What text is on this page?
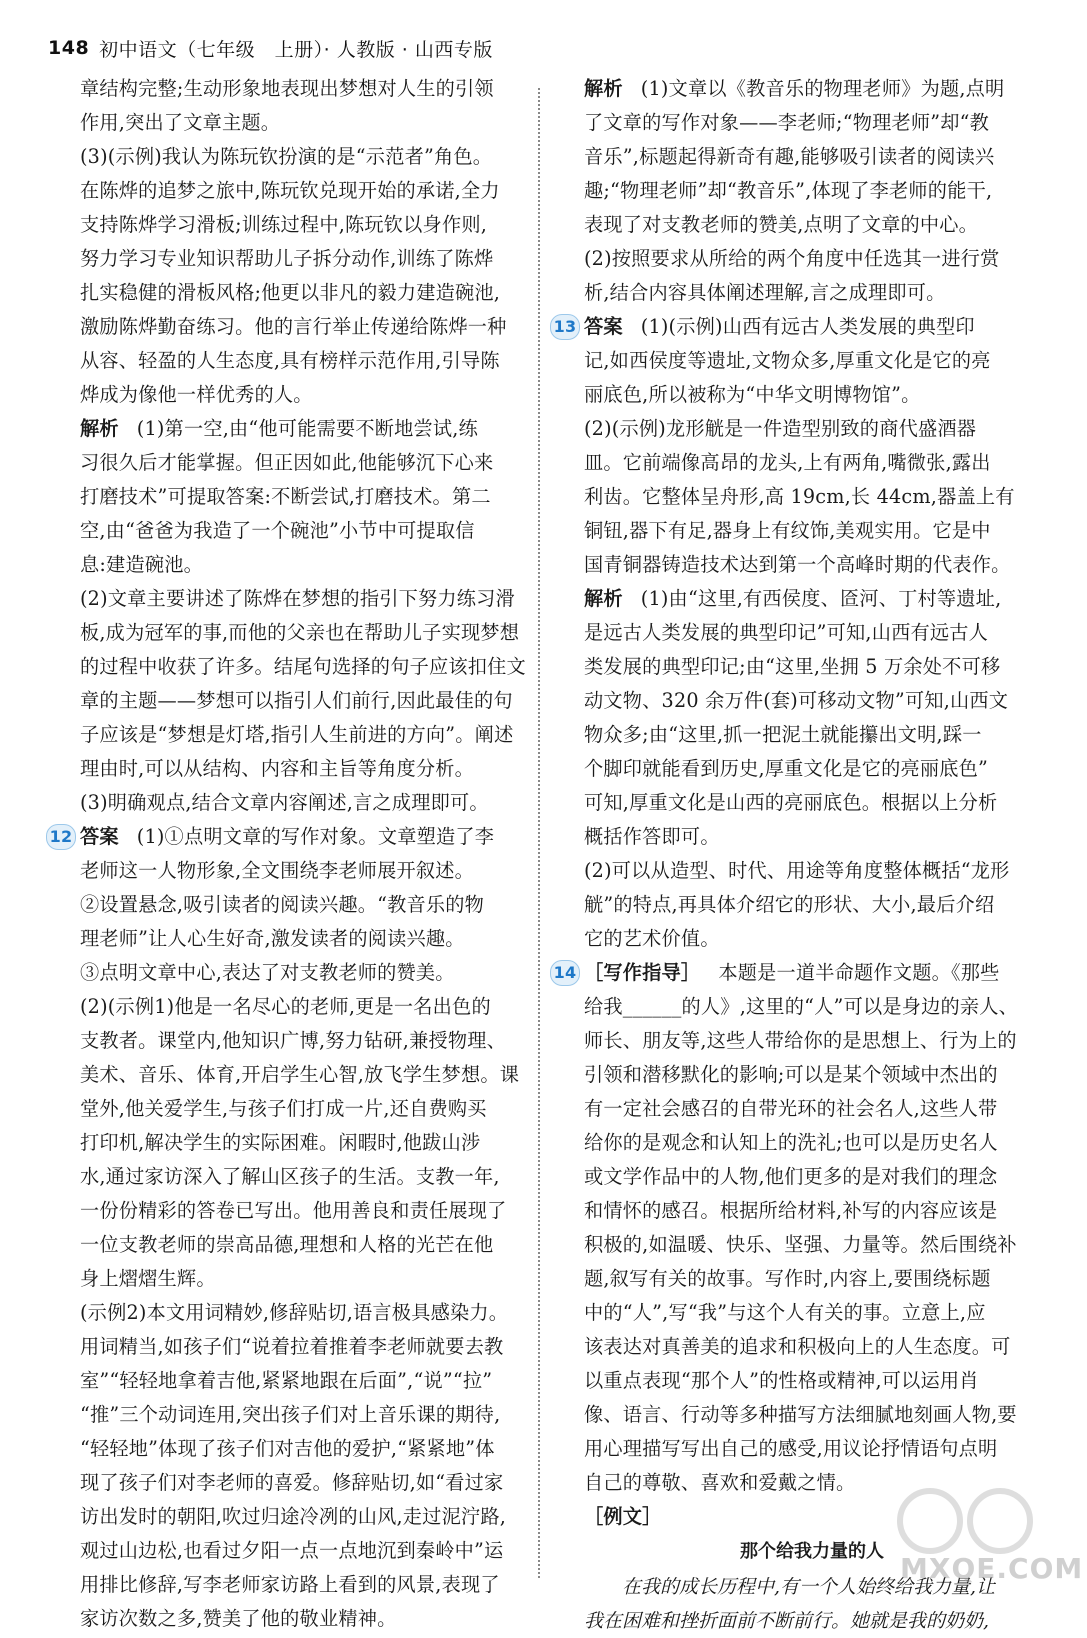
148 初中语文（七年级　上册）· 人教版 · 山西专版
章结构完整;生动形象地表现出梦想对人生的引领
作用,突出了文章主题。
(3)(示例)我认为陈玩钦扮演的是“示范者”角色。
在陈烨的追梦之旅中,陈玩钦兑现开始的承诺,全力
支持陈烨学习滑板;训练过程中,陈玩钦以身作则,
努力学习专业知识帮助儿子拆分动作,训练了陈烨
扎实稳健的滑板风格;他更以非凡的毅力建造碗池,
激励陈烨勤奋练习。他的言行举止传递给陈烨一种
从容、轻盈的人生态度,具有榜样示范作用,引导陈
烨成为像他一样优秀的人。
解析 (1)第一空,由“他可能需要不断地尝试,练
习很久后才能掌握。但正因如此,他能够沉下心来
打磨技术”可提取答案:不断尝试,打磨技术。第二
空,由“爸爸为我造了一个碗池”小节中可提取信
息:建造碗池。
(2)文章主要讲述了陈烨在梦想的指引下努力练习滑
板,成为冠军的事,而他的父亲也在帮助儿子实现梦想
的过程中收获了许多。结尾句选择的句子应该扣住文
章的主题——梦想可以指引人们前行,因此最佳的句
子应该是“梦想是灯塔,指引人生前进的方向”。阐述
理由时,可以从结构、内容和主旨等角度分析。
(3)明确观点,结合文章内容阐述,言之成理即可。
12 答案 (1)①点明文章的写作对象。文章塑造了李
老师这一人物形象,全文围绕李老师展开叙述。
②设置悬念,吸引读者的阅读兴趣。“教音乐的物
理老师”让人心生好奇,激发读者的阅读兴趣。
③点明文章中心,表达了对支教老师的赞美。
(2)(示例1)他是一名尽心的老师,更是一名出色的
支教者。课堂内,他知识广博,努力钻研,兼授物理、
美术、音乐、体育,开启学生心智,放飞学生梦想。课
堂外,他关爱学生,与孩子们打成一片,还自费购买
打印机,解决学生的实际困难。闲暇时,他跋山涉
水,通过家访深入了解山区孩子的生活。支教一年,
一份份精彩的答卷已写出。他用善良和责任展现了
一位支教老师的崇高品德,理想和人格的光芒在他
身上熠熠生辉。
(示例2)本文用词精妙,修辞贴切,语言极具感染力。
用词精当,如孩子们“说着拉着推着李老师就要去教
室”“轻轻地拿着吉他,紧紧地跟在后面”,“说”“拉”
“推”三个动词连用,突出孩子们对上音乐课的期待,
“轻轻地”体现了孩子们对吉他的爱护,“紧紧地”体
现了孩子们对李老师的喜爱。修辞贴切,如“看过家
访出发时的朝阳,吹过归途冷冽的山风,走过泥泞路,
观过山边松,也看过夕阳一点一点地沉到秦岭中”运
用排比修辞,写李老师家访路上看到的风景,表现了
家访次数之多,赞美了他的敬业精神。
解析 (1)文章以《教音乐的物理老师》为题,点明
了文章的写作对象——李老师;“物理老师”却“教
音乐”,标题起得新奇有趣,能够吸引读者的阅读兴
趣;“物理老师”却“教音乐”,体现了李老师的能干,
表现了对支教老师的赞美,点明了文章的中心。
(2)按照要求从所给的两个角度中任选其一进行赏
析,结合内容具体阐述理解,言之成理即可。
13 答案 (1)(示例)山西有远古人类发展的典型印
记,如西侯度等遗址,文物众多,厚重文化是它的亮
丽底色,所以被称为“中华文明博物馆”。
(2)(示例)龙形觥是一件造型别致的商代盛酒器
皿。它前端像高昂的龙头,上有两角,嘴微张,露出
利齿。它整体呈舟形,高 19cm,长 44cm,器盖上有
铜钮,器下有足,器身上有纹饰,美观实用。它是中
国青铜器铸造技术达到第一个高峰时期的代表作。
解析 (1)由“这里,有西侯度、匼河、丁村等遗址,
是远古人类发展的典型印记”可知,山西有远古人
类发展的典型印记;由“这里,坐拥 5 万余处不可移
动文物、320 余万件(套)可移动文物”可知,山西文
物众多;由“这里,抓一把泥土就能攥出文明,踩一
个脚印就能看到历史,厚重文化是它的亮丽底色”
可知,厚重文化是山西的亮丽底色。根据以上分析
概括作答即可。
(2)可以从造型、时代、用途等角度整体概括“龙形
觥”的特点,再具体介绍它的形状、大小,最后介绍
它的艺术价值。
14 ［写作指导］ 本题是一道半命题作文题。《那些
给我______的人》,这里的“人”可以是身边的亲人、
师长、朋友等,这些人带给你的是思想上、行为上的
引领和潜移默化的影响;可以是某个领域中杰出的
有一定社会感召的自带光环的社会名人,这些人带
给你的是观念和认知上的洗礼;也可以是历史名人
或文学作品中的人物,他们更多的是对我们的理念
和情怀的感召。根据所给材料,补写的内容应该是
积极的,如温暖、快乐、坚强、力量等。然后围绕补
题,叙写有关的故事。写作时,内容上,要围绕标题
中的“人”,写“我”与这个人有关的事。立意上,应
该表达对真善美的追求和积极向上的人生态度。可
以重点表现“那个人”的性格或精神,可以运用肖
像、语言、行动等多种描写方法细腻地刻画人物,要
用心理描写写出自己的感受,用议论抒情语句点明
自己的尊敬、喜欢和爱戴之情。
［例文］
那个给我力量的人
　　在我的成长历程中,有一个人始终给我力量,让
我在困难和挫折面前不断前行。她就是我的奶奶,
MXQE.COM
